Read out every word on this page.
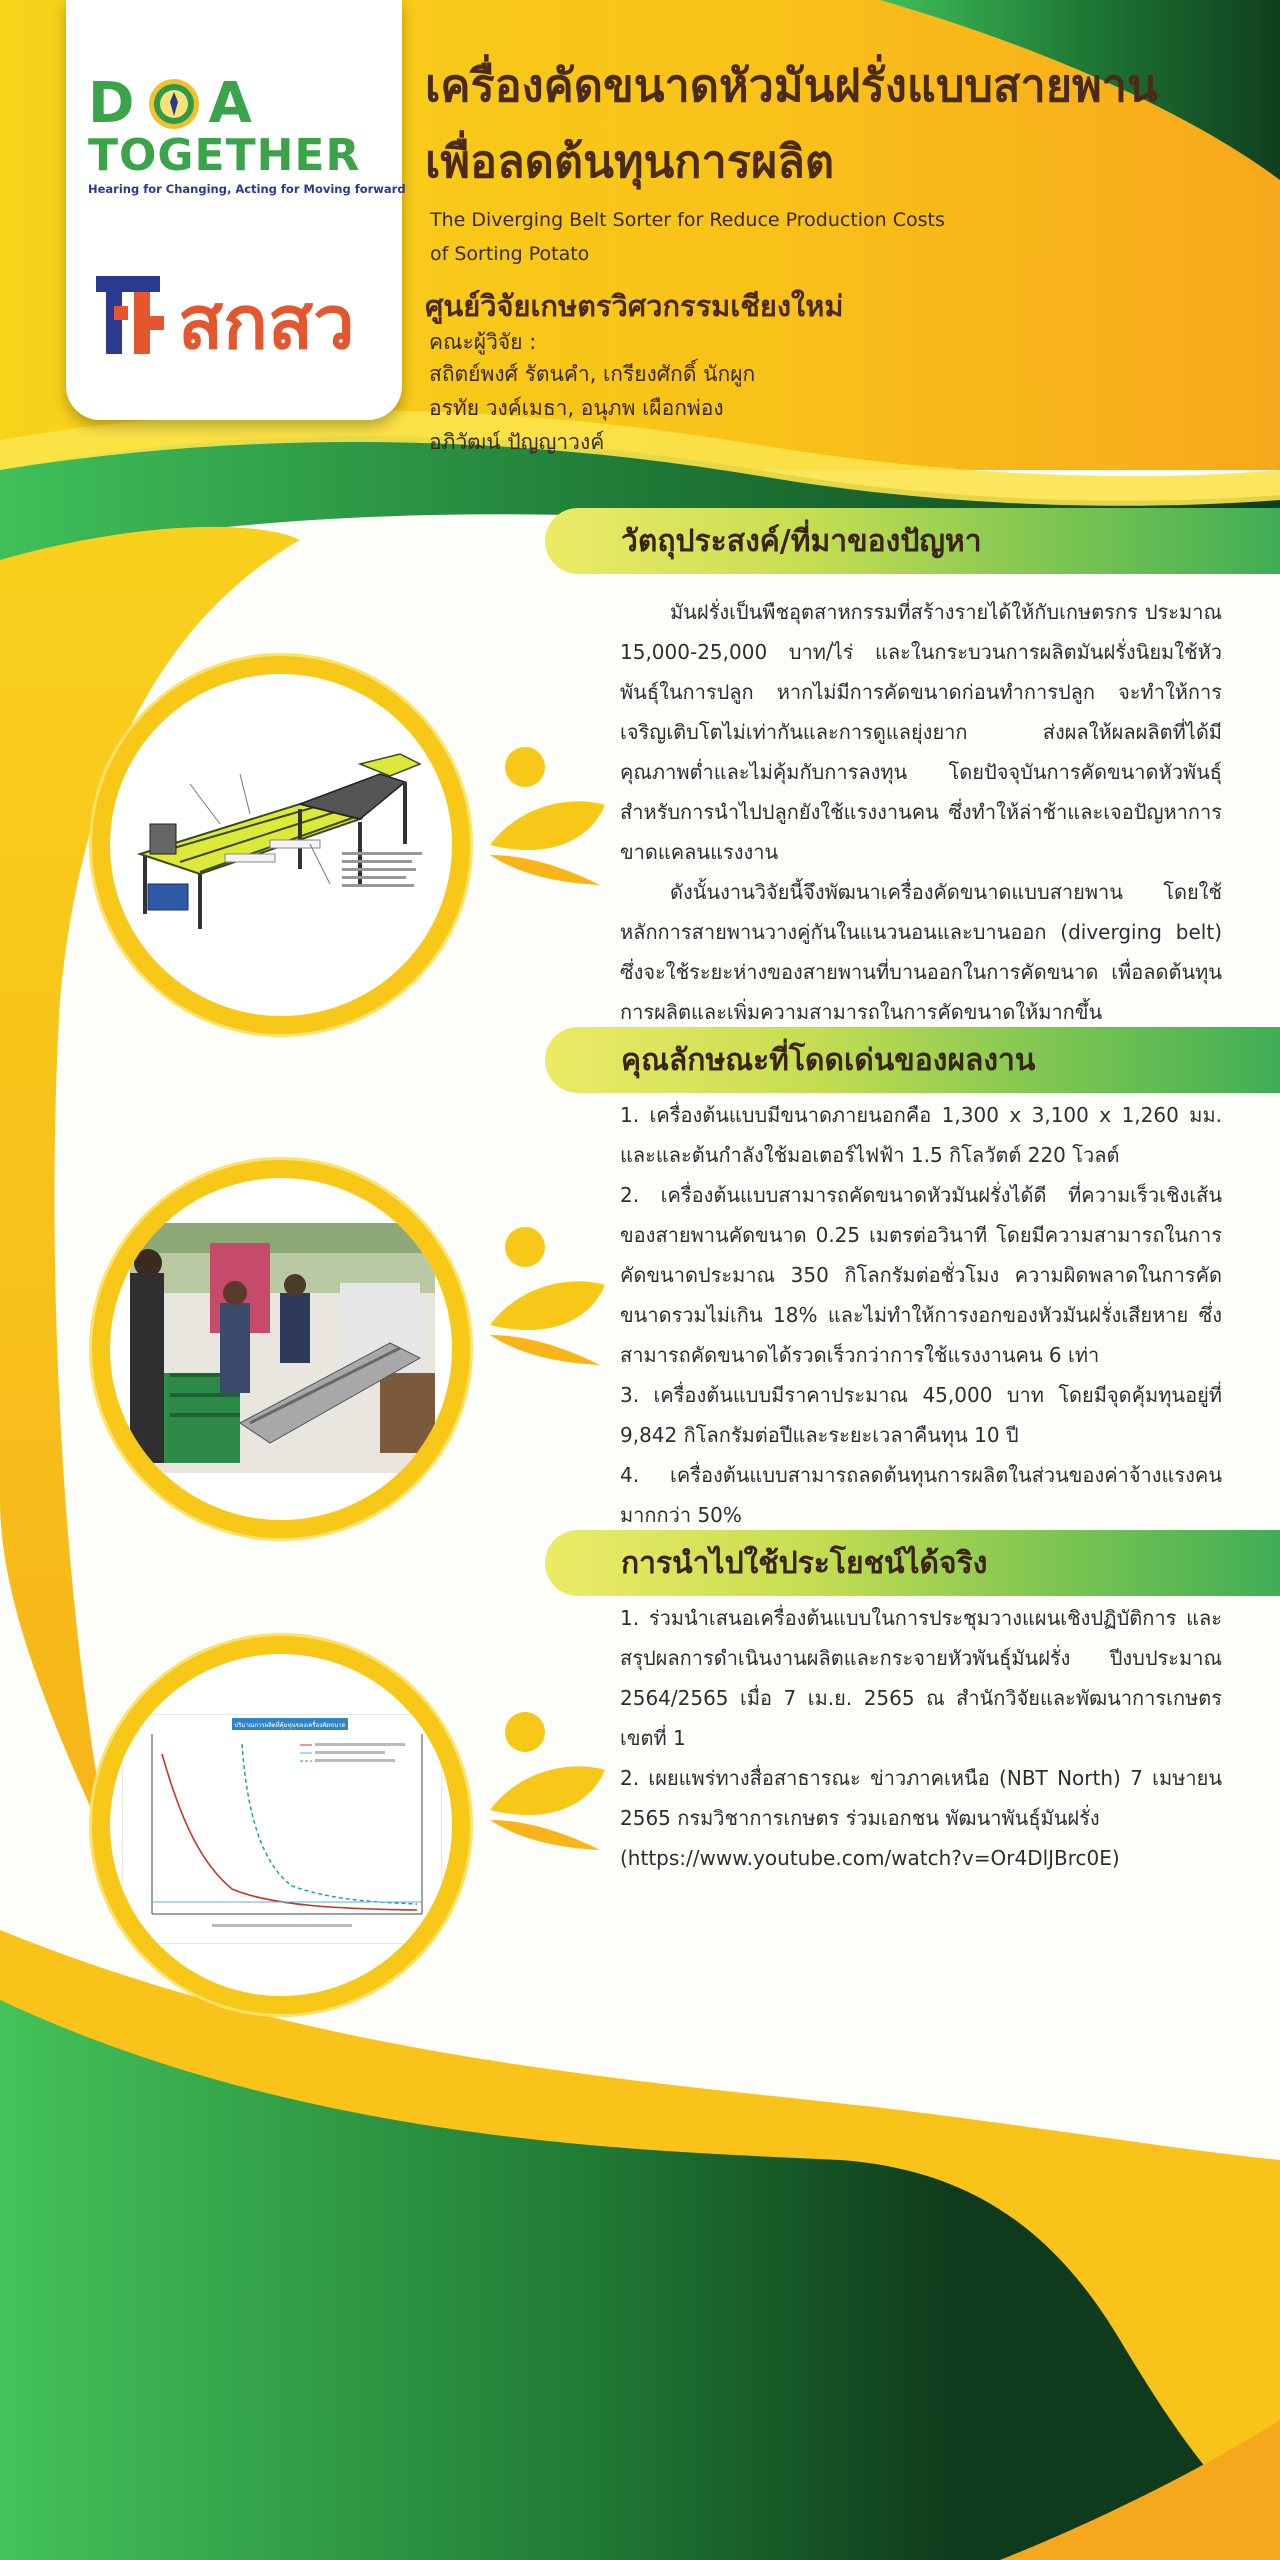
D A
TOGETHER
Hearing for Changing, Acting for Moving forward
สกสว
เครื่องคัดขนาดหัวมันฝรั่งแบบสายพาน
เพื่อลดต้นทุนการผลิต
The Diverging Belt Sorter for Reduce Production Costs
of Sorting Potato
ศูนย์วิจัยเกษตรวิศวกรรมเชียงใหม่
คณะผู้วิจัย :
สถิตย์พงศ์ รัตนคำ, เกรียงศักดิ์ นักผูก
อรทัย วงค์เมธา, อนุภพ เผือกพ่อง
อภิวัฒน์ ปัญญาวงค์
วัตถุประสงค์/ที่มาของปัญหา

มันฝรั่งเป็นพืชอุตสาหกรรมที่สร้างรายได้ให้กับเกษตรกร ประมาณ 15,000-25,000 บาท/ไร่ และในกระบวนการผลิตมันฝรั่งนิยมใช้หัวพันธุ์ในการปลูก หากไม่มีการคัดขนาดก่อนทำการปลูก จะทำให้การเจริญเติบโตไม่เท่ากันและการดูแลยุ่งยาก ส่งผลให้ผลผลิตที่ได้มีคุณภาพต่ำและไม่คุ้มกับการลงทุน โดยปัจจุบันการคัดขนาดหัวพันธุ์สำหรับการนำไปปลูกยังใช้แรงงานคน ซึ่งทำให้ล่าช้าและเจอปัญหาการขาดแคลนแรงงาน

ดังนั้นงานวิจัยนี้จึงพัฒนาเครื่องคัดขนาดแบบสายพาน โดยใช้หลักการสายพานวางคู่กันในแนวนอนและบานออก (diverging belt) ซึ่งจะใช้ระยะห่างของสายพานที่บานออกในการคัดขนาด เพื่อลดต้นทุนการผลิตและเพิ่มความสามารถในการคัดขนาดให้มากขึ้น

คุณลักษณะที่โดดเด่นของผลงาน

1. เครื่องต้นแบบมีขนาดภายนอกคือ 1,300 x 3,100 x 1,260 มม. และและต้นกำลังใช้มอเตอร์ไฟฟ้า 1.5 กิโลวัตต์ 220 โวลต์

2. เครื่องต้นแบบสามารถคัดขนาดหัวมันฝรั่งได้ดี ที่ความเร็วเชิงเส้นของสายพานคัดขนาด 0.25 เมตรต่อวินาที โดยมีความสามารถในการคัดขนาดประมาณ 350 กิโลกรัมต่อชั่วโมง ความผิดพลาดในการคัดขนาดรวมไม่เกิน 18% และไม่ทำให้การงอกของหัวมันฝรั่งเสียหาย ซึ่งสามารถคัดขนาดได้รวดเร็วกว่าการใช้แรงงานคน 6 เท่า

3. เครื่องต้นแบบมีราคาประมาณ 45,000 บาท โดยมีจุดคุ้มทุนอยู่ที่ 9,842 กิโลกรัมต่อปีและระยะเวลาคืนทุน 10 ปี

4. เครื่องต้นแบบสามารถลดต้นทุนการผลิตในส่วนของค่าจ้างแรงคนมากกว่า 50%

การนำไปใช้ประโยชน์ได้จริง

1. ร่วมนำเสนอเครื่องต้นแบบในการประชุมวางแผนเชิงปฏิบัติการ และสรุปผลการดำเนินงานผลิตและกระจายหัวพันธุ์มันฝรั่ง ปีงบประมาณ 2564/2565 เมื่อ 7 เม.ย. 2565 ณ สำนักวิจัยและพัฒนาการเกษตร เขตที่ 1

2. เผยแพร่ทางสื่อสาธารณะ ข่าวภาคเหนือ (NBT North) 7 เมษายน 2565 กรมวิชาการเกษตร ร่วมเอกชน พัฒนาพันธุ์มันฝรั่ง

(https://www.youtube.com/watch?v=Or4DlJBrc0E)

ปริมาณการผลิตที่คุ้มทุนของเครื่องคัดขนาด
